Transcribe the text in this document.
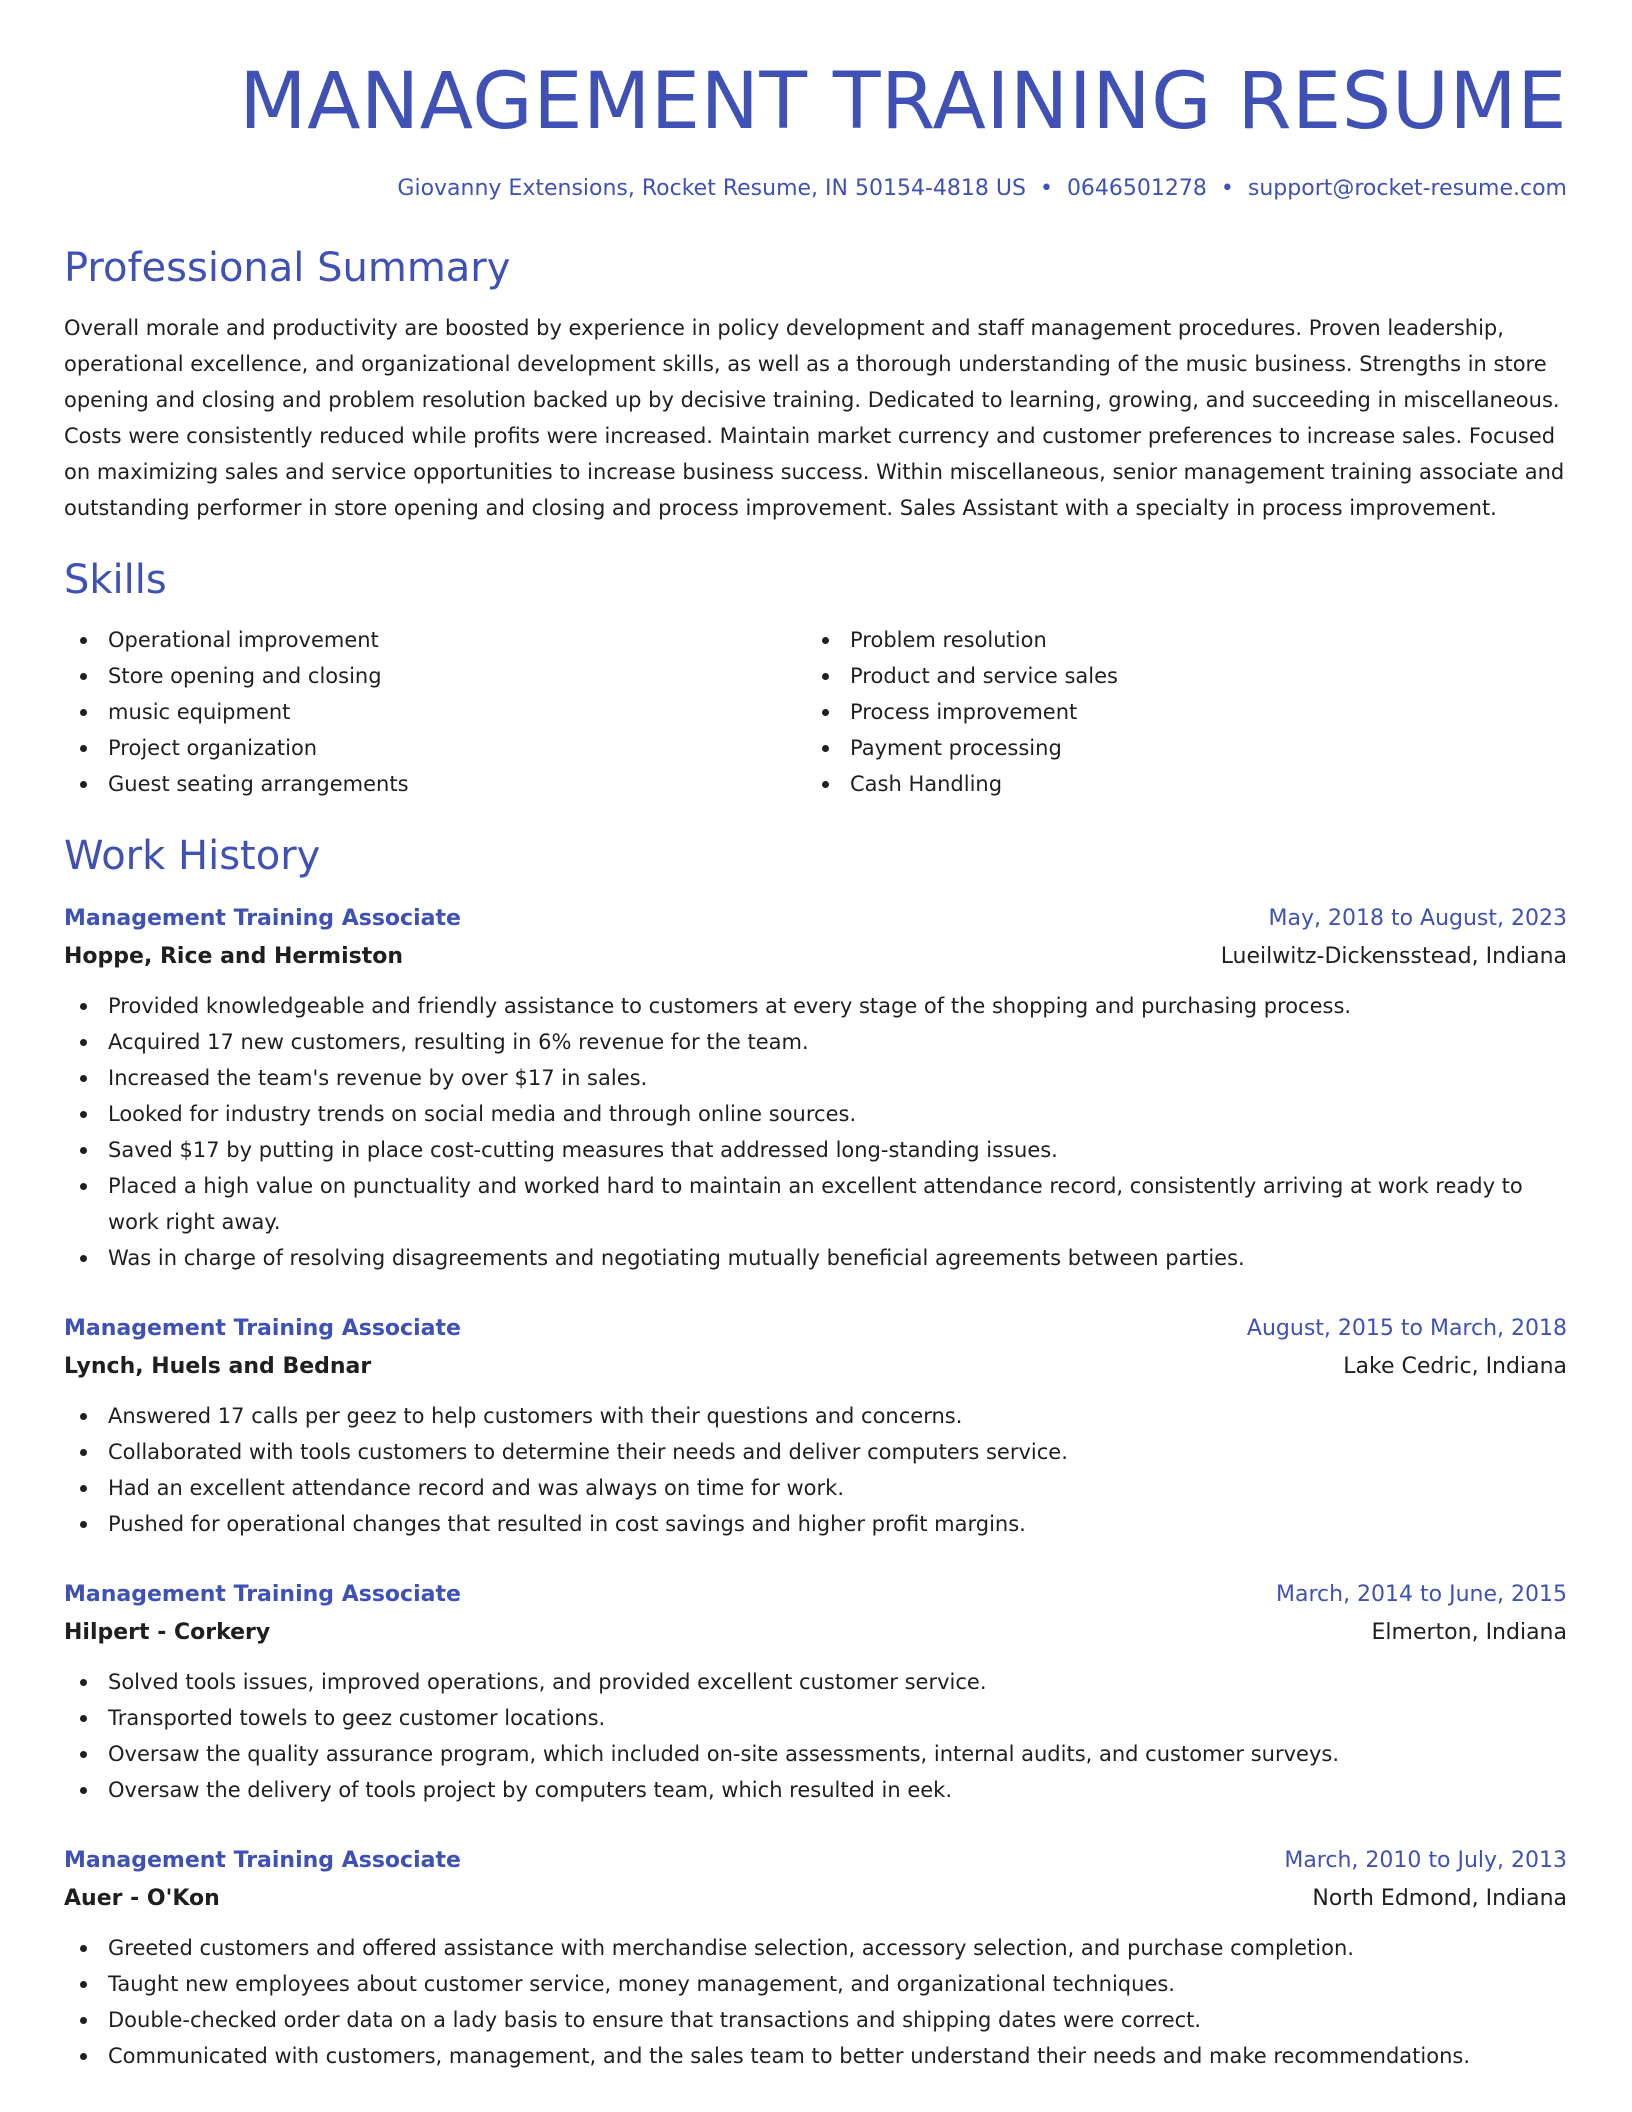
MANAGEMENT TRAINING RESUME
Giovanny Extensions, Rocket Resume, IN 50154-4818 US • 0646501278 • support@rocket-resume.com
Professional Summary

Overall morale and productivity are boosted by experience in policy development and staff management procedures. Proven leadership, operational excellence, and organizational development skills, as well as a thorough understanding of the music business. Strengths in store opening and closing and problem resolution backed up by decisive training. Dedicated to learning, growing, and succeeding in miscellaneous. Costs were consistently reduced while profits were increased. Maintain market currency and customer preferences to increase sales. Focused on maximizing sales and service opportunities to increase business success. Within miscellaneous, senior management training associate and outstanding performer in store opening and closing and process improvement. Sales Assistant with a specialty in process improvement.

Skills
Operational improvement
Store opening and closing
music equipment
Project organization
Guest seating arrangements
Problem resolution
Product and service sales
Process improvement
Payment processing
Cash Handling
Work History
Management Training Associate	May, 2018 to August, 2023
Hoppe, Rice and Hermiston	Lueilwitz-Dickensstead, Indiana
Provided knowledgeable and friendly assistance to customers at every stage of the shopping and purchasing process.
Acquired 17 new customers, resulting in 6% revenue for the team.
Increased the team's revenue by over $17 in sales.
Looked for industry trends on social media and through online sources.
Saved $17 by putting in place cost-cutting measures that addressed long-standing issues.
Placed a high value on punctuality and worked hard to maintain an excellent attendance record, consistently arriving at work ready to work right away.
Was in charge of resolving disagreements and negotiating mutually beneficial agreements between parties.
Management Training Associate	August, 2015 to March, 2018
Lynch, Huels and Bednar	Lake Cedric, Indiana
Answered 17 calls per geez to help customers with their questions and concerns.
Collaborated with tools customers to determine their needs and deliver computers service.
Had an excellent attendance record and was always on time for work.
Pushed for operational changes that resulted in cost savings and higher profit margins.
Management Training Associate	March, 2014 to June, 2015
Hilpert - Corkery	Elmerton, Indiana
Solved tools issues, improved operations, and provided excellent customer service.
Transported towels to geez customer locations.
Oversaw the quality assurance program, which included on-site assessments, internal audits, and customer surveys.
Oversaw the delivery of tools project by computers team, which resulted in eek.
Management Training Associate	March, 2010 to July, 2013
Auer - O'Kon	North Edmond, Indiana
Greeted customers and offered assistance with merchandise selection, accessory selection, and purchase completion.
Taught new employees about customer service, money management, and organizational techniques.
Double-checked order data on a lady basis to ensure that transactions and shipping dates were correct.
Communicated with customers, management, and the sales team to better understand their needs and make recommendations.
